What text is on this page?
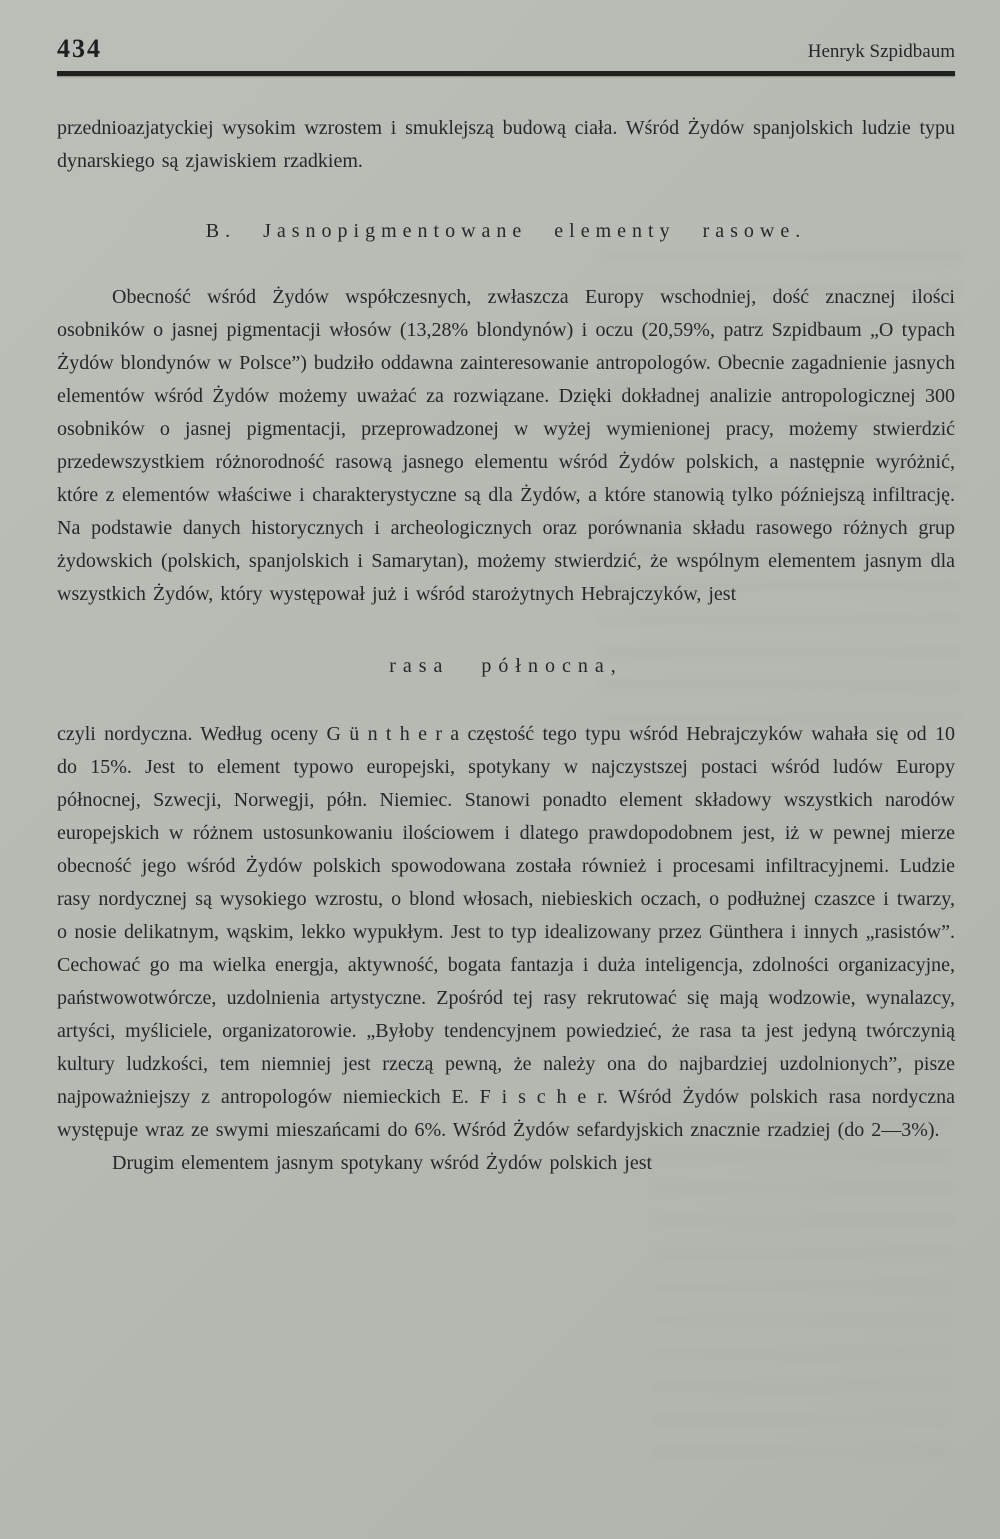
434	Henryk Szpidbaum

przednioazjatyckiej wysokim wzrostem i smuklejszą budową ciała. Wśród Żydów spanjolskich ludzie typu dynarskiego są zjawiskiem rzadkiem.

B. Jasnopigmentowane elementy rasowe.

Obecność wśród Żydów współczesnych, zwłaszcza Europy wschodniej, dość znacznej ilości osobników o jasnej pigmentacji włosów (13,28% blondynów) i oczu (20,59%, patrz Szpidbaum „O typach Żydów blondynów w Polsce”) budziło oddawna zainteresowanie antropologów. Obecnie zagadnienie jasnych elementów wśród Żydów możemy uważać za rozwiązane. Dzięki dokładnej analizie antropologicznej 300 osobników o jasnej pigmentacji, przeprowadzonej w wyżej wymienionej pracy, możemy stwierdzić przedewszystkiem różnorodność rasową jasnego elementu wśród Żydów polskich, a następnie wyróżnić, które z elementów właściwe i charakterystyczne są dla Żydów, a które stanowią tylko późniejszą infiltrację. Na podstawie danych historycznych i archeologicznych oraz porównania składu rasowego różnych grup żydowskich (polskich, spanjolskich i Samarytan), możemy stwierdzić, że wspólnym elementem jasnym dla wszystkich Żydów, który występował już i wśród starożytnych Hebrajczyków, jest

rasa północna,

czyli nordyczna. Według oceny G ü n t h e r a częstość tego typu wśród Hebrajczyków wahała się od 10 do 15%. Jest to element typowo europejski, spotykany w najczystszej postaci wśród ludów Europy północnej, Szwecji, Norwegji, półn. Niemiec. Stanowi ponadto element składowy wszystkich narodów europejskich w różnem ustosunkowaniu ilościowem i dlatego prawdopodobnem jest, iż w pewnej mierze obecność jego wśród Żydów polskich spowodowana została również i procesami infiltracyjnemi. Ludzie rasy nordycznej są wysokiego wzrostu, o blond włosach, niebieskich oczach, o podłużnej czaszce i twarzy, o nosie delikatnym, wąskim, lekko wypukłym. Jest to typ idealizowany przez Günthera i innych „rasistów”. Cechować go ma wielka energja, aktywność, bogata fantazja i duża inteligencja, zdolności organizacyjne, państwowotwórcze, uzdolnienia artystyczne. Zpośród tej rasy rekrutować się mają wodzowie, wynalazcy, artyści, myśliciele, organizatorowie. „Byłoby tendencyjnem powiedzieć, że rasa ta jest jedyną twórczynią kultury ludzkości, tem niemniej jest rzeczą pewną, że należy ona do najbardziej uzdolnionych”, pisze najpoważniejszy z antropologów niemieckich E. F i s c h e r. Wśród Żydów polskich rasa nordyczna występuje wraz ze swymi mieszańcami do 6%. Wśród Żydów sefardyjskich znacznie rzadziej (do 2—3%).

Drugim elementem jasnym spotykany wśród Żydów polskich jest
